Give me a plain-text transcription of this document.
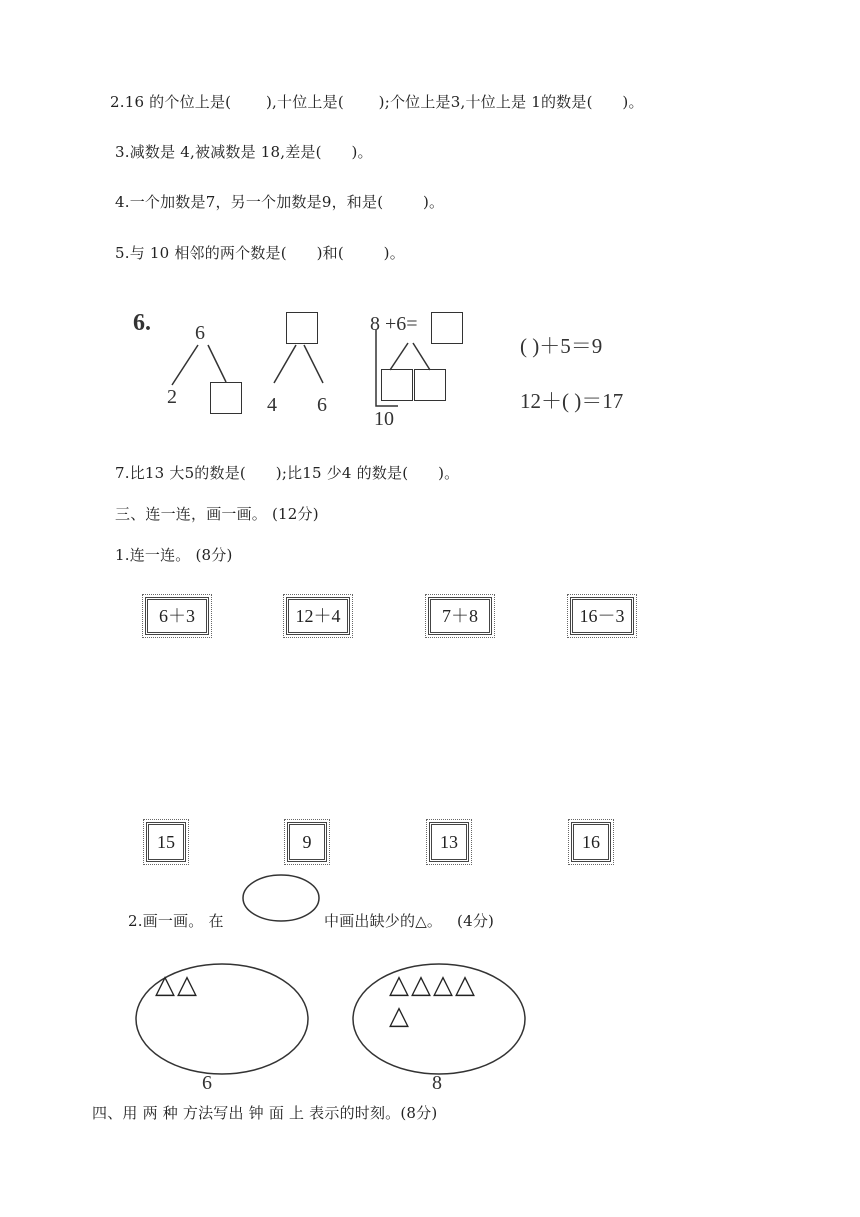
2.16 的个位上是(       ),十位上是(       );个位上是3,十位上是 1的数是(      )。
3.减数是 4,被减数是 18,差是(      )。
4.一个加数是7，另一个加数是9，和是(        )。
5.与 10 相邻的两个数是(      )和(        )。
6. 6
2	4 6
8 +6=
10
( )＋5＝9
12＋( )＝17
7.比13 大5的数是(      );比15 少4 的数是(      )。
三、连一连，画一画。 (12分)
1.连一连。 (8分)
6＋3	12＋4	7＋8	16－3
15	9	13	16
2.画一画。 在	中画出缺少的△。   (4分)
△△
6
△△△△
△
8
四、用 两 种 方法写出 钟 面 上 表示的时刻。(8分)
